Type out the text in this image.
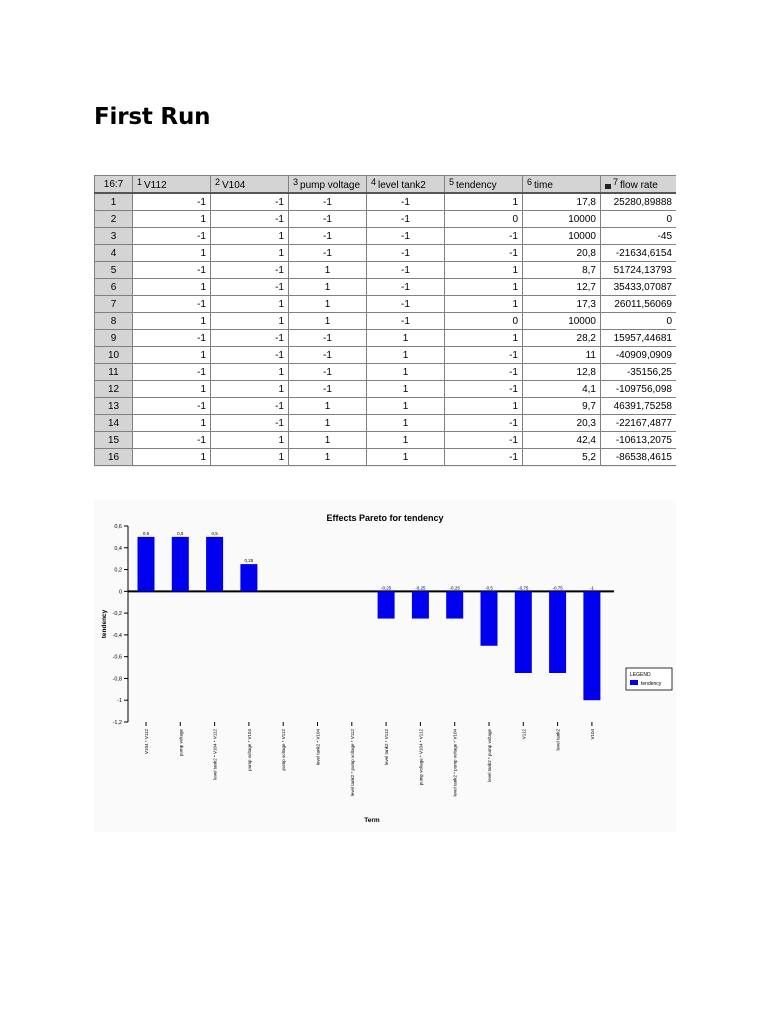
First Run
16:7	$^1$ V112	$^2$ V104	$^3$ pump voltage	$^4$ level tank2	$^5$ tendency	$^6$ time	$^7$ flow rate
1	-1	-1	-1	-1	1	17,8	25280,89888
2	1	-1	-1	-1	0	10000	0
3	-1	1	-1	-1	-1	10000	-45
4	1	1	-1	-1	-1	20,8	-21634,6154
5	-1	-1	1	-1	1	8,7	51724,13793
6	1	-1	1	-1	1	12,7	35433,07087
7	-1	1	1	-1	1	17,3	26011,56069
8	1	1	1	-1	0	10000	0
9	-1	-1	-1	1	1	28,2	15957,44681
10	1	-1	-1	1	-1	11	-40909,0909
11	-1	1	-1	1	-1	12,8	-35156,25
12	1	1	-1	1	-1	4,1	-109756,098
13	-1	-1	1	1	1	9,7	46391,75258
14	1	-1	1	1	-1	20,3	-22167,4877
15	-1	1	1	1	-1	42,4	-10613,2075
16	1	1	1	1	-1	5,2	-86538,4615
Effects Pareto for tendency
0,6
0,4
0,2
0
-0,2
-0,4
-0,6
-0,8
-1
-1,2
tendency
0,5
V104 * V112
0,5
pump voltage
0,5
level tank2 * V104 * V112
0,25
pump voltage * V104	pump voltage * V112	level tank2 * V104	level tank2 * pump voltage * V112
-0,25
level tank2 * V112
-0,25
pump voltage * V104 * V112
-0,25
level tank2 * pump voltage * V104
-0,5
level tank2 * pump voltage
-0,75
V112
-0,75
level tank2
-1
V104
Term
LEGEND
tendency
